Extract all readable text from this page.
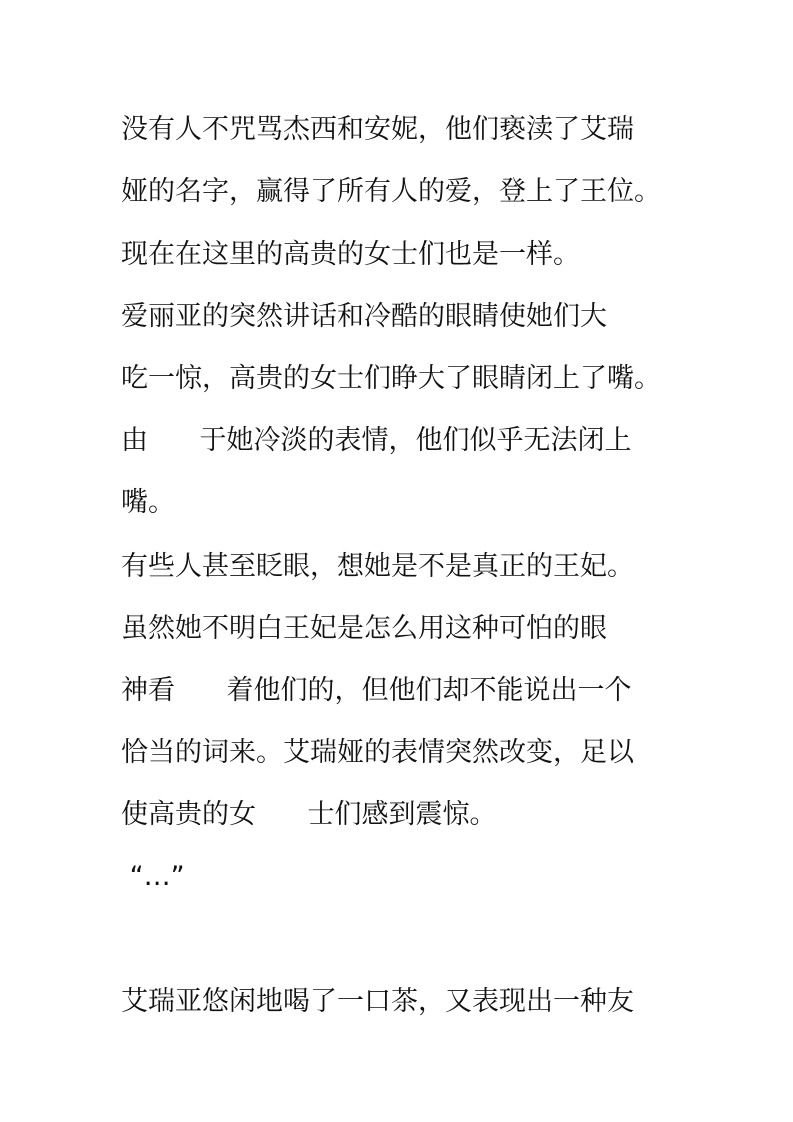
没有人不咒骂杰西和安妮，他们亵渎了艾瑞
娅的名字，赢得了所有人的爱，登上了王位。
现在在这里的高贵的女士们也是一样。
爱丽亚的突然讲话和冷酷的眼睛使她们大
吃一惊，高贵的女士们睁大了眼睛闭上了嘴。
由      于她冷淡的表情，他们似乎无法闭上
嘴。
有些人甚至眨眼，想她是不是真正的王妃。
虽然她不明白王妃是怎么用这种可怕的眼
神看      着他们的，但他们却不能说出一个
恰当的词来。艾瑞娅的表情突然改变，足以
使高贵的女      士们感到震惊。
“…”
艾瑞亚悠闲地喝了一口茶，又表现出一种友
